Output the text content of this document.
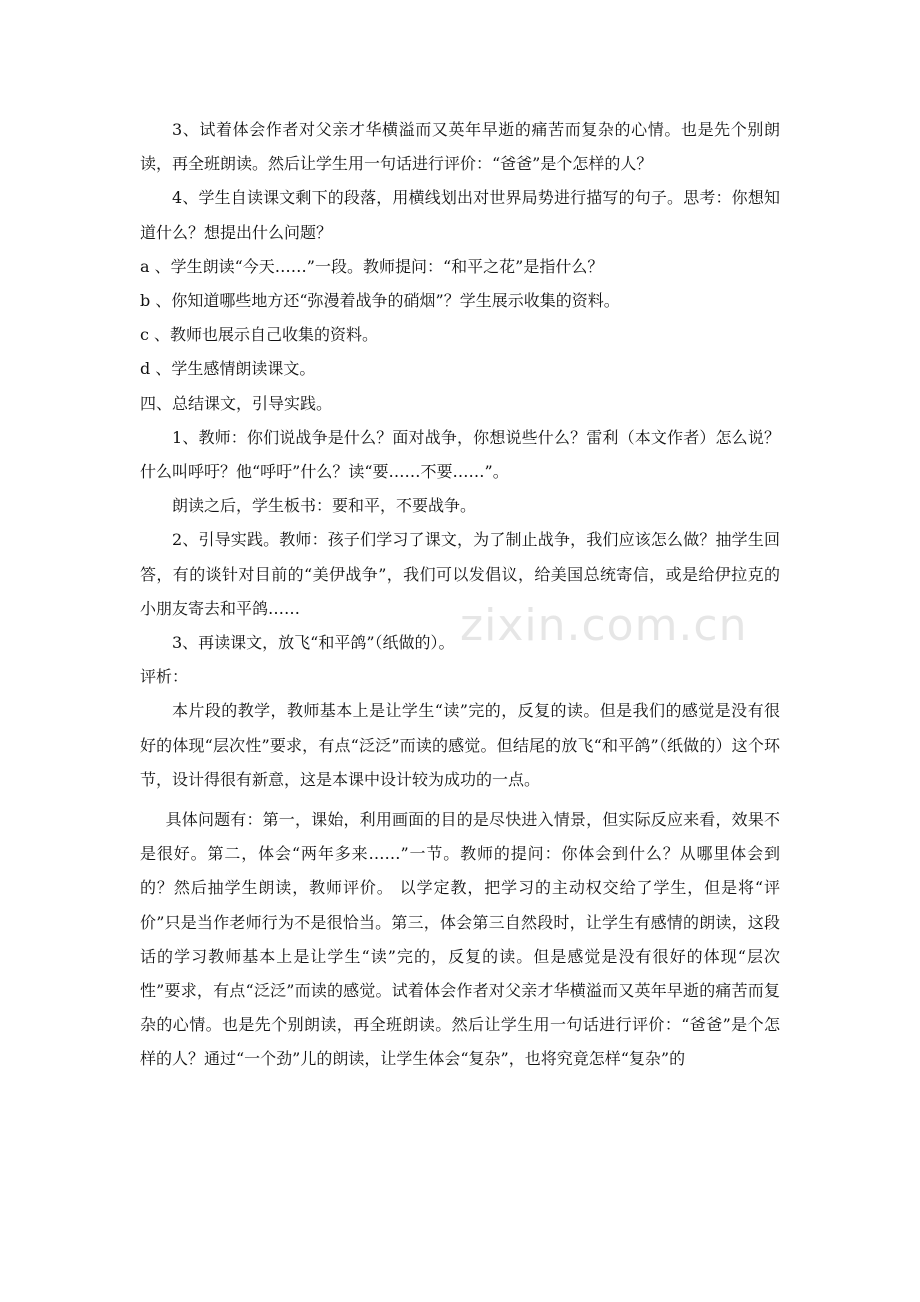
zixin.com.cn

3、试着体会作者对父亲才华横溢而又英年早逝的痛苦而复杂的心情。也是先个别朗读，再全班朗读。然后让学生用一句话进行评价：“爸爸”是个怎样的人？

4、学生自读课文剩下的段落，用横线划出对世界局势进行描写的句子。思考：你想知道什么？想提出什么问题？

a 、学生朗读“今天……”一段。教师提问：“和平之花”是指什么？

b 、你知道哪些地方还“弥漫着战争的硝烟”？学生展示收集的资料。

c 、教师也展示自己收集的资料。

d 、学生感情朗读课文。

四、总结课文，引导实践。

1、教师：你们说战争是什么？面对战争，你想说些什么？雷利（本文作者）怎么说？什么叫呼吁？他“呼吁”什么？读“要……不要……”。

朗读之后，学生板书：要和平，不要战争。

2、引导实践。教师：孩子们学习了课文，为了制止战争，我们应该怎么做？抽学生回答，有的谈针对目前的“美伊战争”，我们可以发倡议，给美国总统寄信，或是给伊拉克的小朋友寄去和平鸽……

3、再读课文，放飞“和平鸽”（纸做的）。

评析：

本片段的教学，教师基本上是让学生“读”完的，反复的读。但是我们的感觉是没有很好的体现“层次性”要求，有点“泛泛”而读的感觉。但结尾的放飞“和平鸽”（纸做的）这个环节，设计得很有新意，这是本课中设计较为成功的一点。

具体问题有：第一，课始，利用画面的目的是尽快进入情景，但实际反应来看，效果不是很好。第二，体会“两年多来……”一节。教师的提问：你体会到什么？从哪里体会到的？然后抽学生朗读，教师评价。 以学定教，把学习的主动权交给了学生，但是将“评价”只是当作老师行为不是很恰当。第三，体会第三自然段时，让学生有感情的朗读，这段话的学习教师基本上是让学生“读”完的，反复的读。但是感觉是没有很好的体现“层次性”要求，有点“泛泛”而读的感觉。试着体会作者对父亲才华横溢而又英年早逝的痛苦而复杂的心情。也是先个别朗读，再全班朗读。然后让学生用一句话进行评价：“爸爸”是个怎样的人？通过“一个劲”儿的朗读，让学生体会“复杂”，也将究竟怎样“复杂”的
